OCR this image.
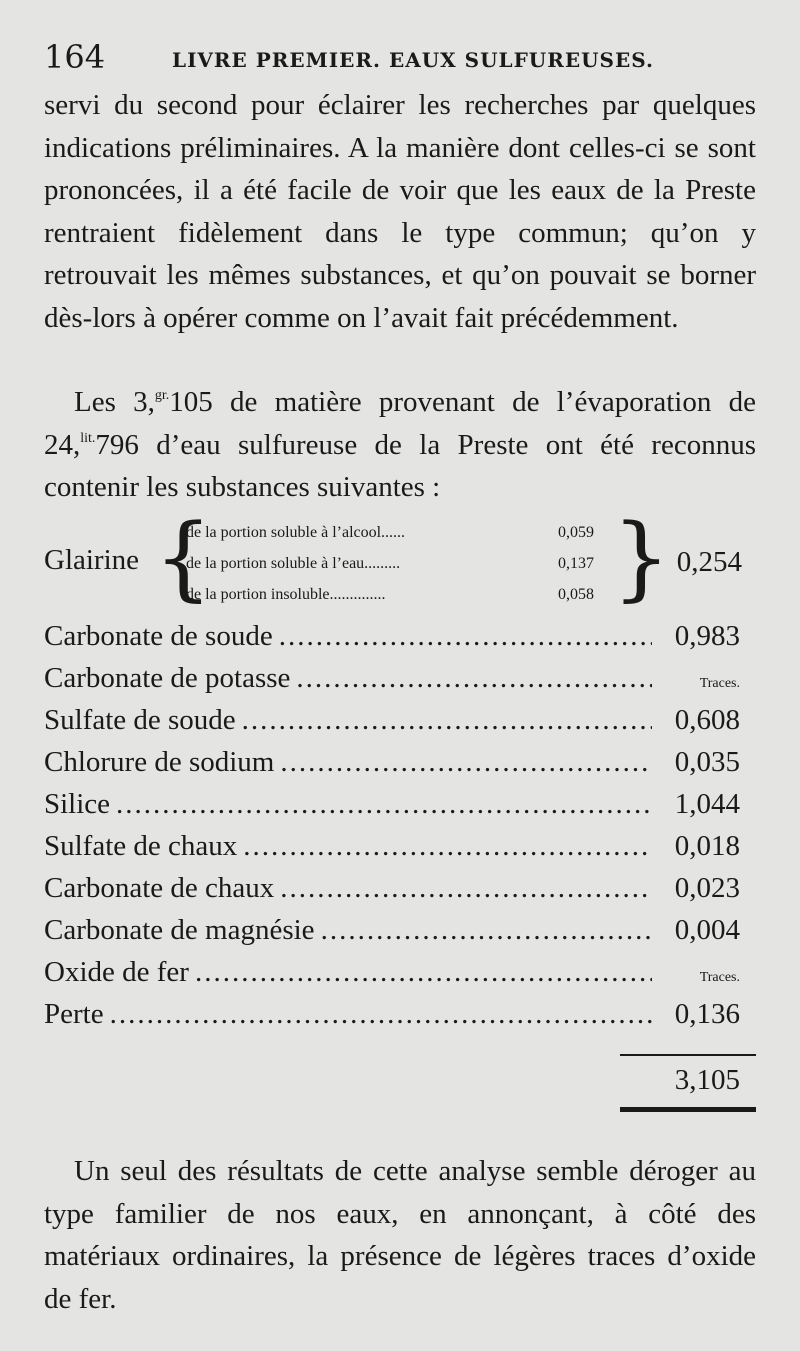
164	LIVRE PREMIER. EAUX SULFUREUSES.
servi du second pour éclairer les recherches par quelques indications préliminaires. A la manière dont celles-ci se sont prononcées, il a été facile de voir que les eaux de la Preste rentraient fidèlement dans le type commun; qu’on y retrouvait les mêmes substances, et qu’on pouvait se borner dès-lors à opérer comme on l’avait fait précédemment.
Les 3,$^{gr.}$105 de matière provenant de l’évaporation de 24,$^{lit.}$796 d’eau sulfureuse de la Preste ont été reconnus contenir les substances suivantes :
Glairine {
de la portion soluble à l’alcool......	0,059
de la portion soluble à l’eau.........	0,137
de la portion insoluble..............	0,058 } 0,254
Carbonate de soude .....	0,983
Carbonate de potasse .....	Traces.
Sulfate de soude .....	0,608
Chlorure de sodium .....	0,035
Silice .....	1,044
Sulfate de chaux .....	0,018
Carbonate de chaux .....	0,023
Carbonate de magnésie .....	0,004
Oxide de fer .....	Traces.
Perte .....	0,136
3,105
Un seul des résultats de cette analyse semble déroger au type familier de nos eaux, en annonçant, à côté des matériaux ordinaires, la présence de légères traces d’oxide de fer.
